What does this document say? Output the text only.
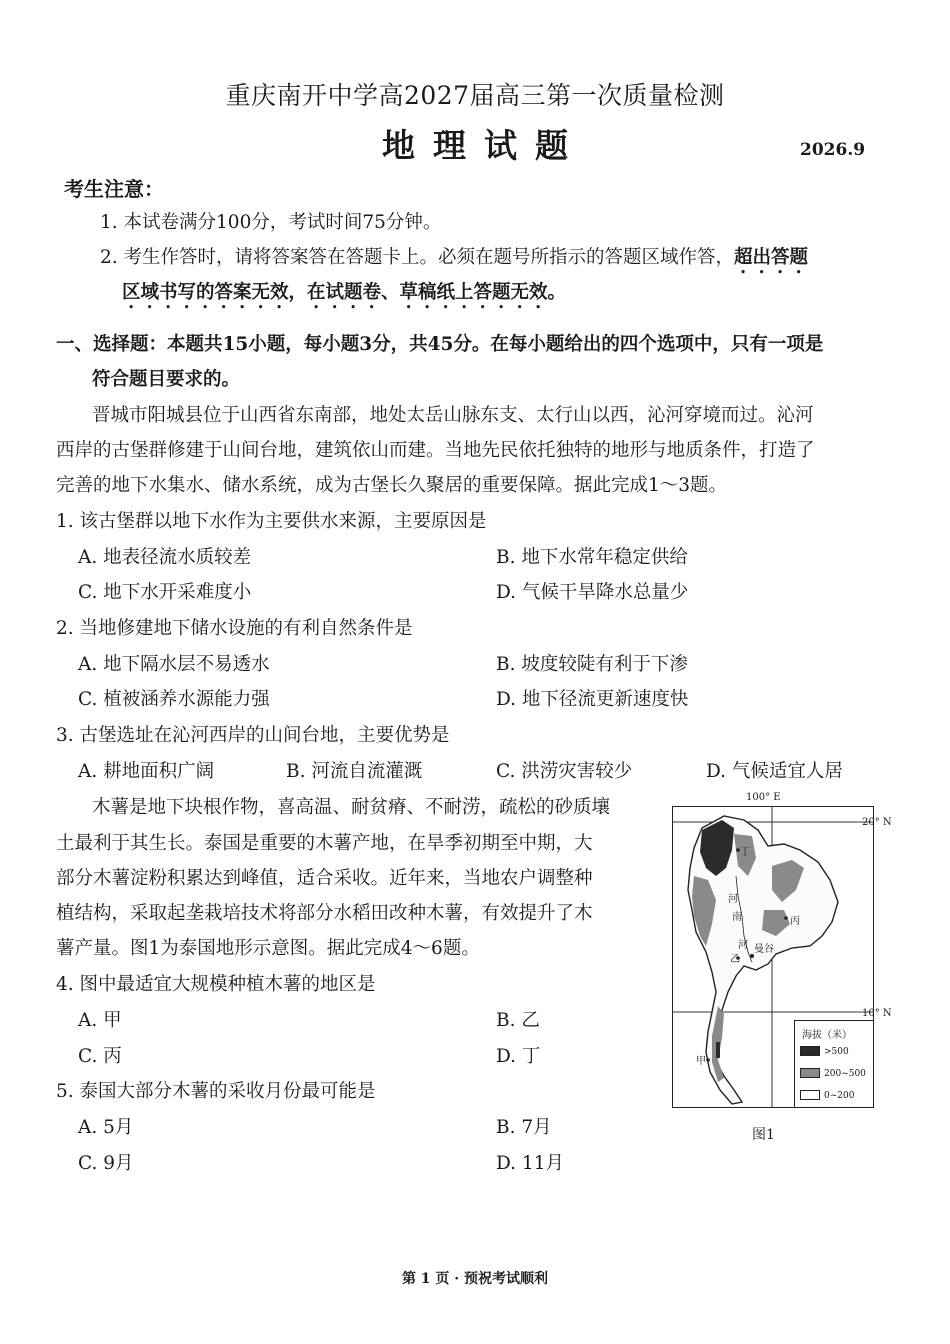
重庆南开中学高2027届高三第一次质量检测
地理试题	2026.9
考生注意：
1. 本试卷满分100分，考试时间75分钟。
2. 考生作答时，请将答案答在答题卡上。必须在题号所指示的答题区域作答，超出答题
区域书写的答案无效，在试题卷、草稿纸上答题无效。
一、选择题：本题共15小题，每小题3分，共45分。在每小题给出的四个选项中，只有一项是
符合题目要求的。
晋城市阳城县位于山西省东南部，地处太岳山脉东支、太行山以西，沁河穿境而过。沁河
西岸的古堡群修建于山间台地，建筑依山而建。当地先民依托独特的地形与地质条件，打造了
完善的地下水集水、储水系统，成为古堡长久聚居的重要保障。据此完成1～3题。
1. 该古堡群以地下水作为主要供水来源，主要原因是
A. 地表径流水质较差	B. 地下水常年稳定供给
C. 地下水开采难度小	D. 气候干旱降水总量少
2. 当地修建地下储水设施的有利自然条件是
A. 地下隔水层不易透水	B. 坡度较陡有利于下渗
C. 植被涵养水源能力强	D. 地下径流更新速度快
3. 古堡选址在沁河西岸的山间台地，主要优势是
A. 耕地面积广阔	B. 河流自流灌溉	C. 洪涝灾害较少	D. 气候适宜人居
木薯是地下块根作物，喜高温、耐贫瘠、不耐涝，疏松的砂质壤
土最利于其生长。泰国是重要的木薯产地，在旱季初期至中期，大
部分木薯淀粉积累达到峰值，适合采收。近年来，当地农户调整种
植结构，采取起垄栽培技术将部分水稻田改种木薯，有效提升了木
薯产量。图1为泰国地形示意图。据此完成4～6题。
4. 图中最适宜大规模种植木薯的地区是
A. 甲	B. 乙
C. 丙	D. 丁
5. 泰国大部分木薯的采收月份最可能是
A. 5月	B. 7月
C. 9月	D. 11月
100° E
20° N
10° N
丁
河
南	丙
河 曼谷
乙
甲
海拔（米）
>500
200~500
0~200
图1
第 1 页 · 预祝考试顺利
